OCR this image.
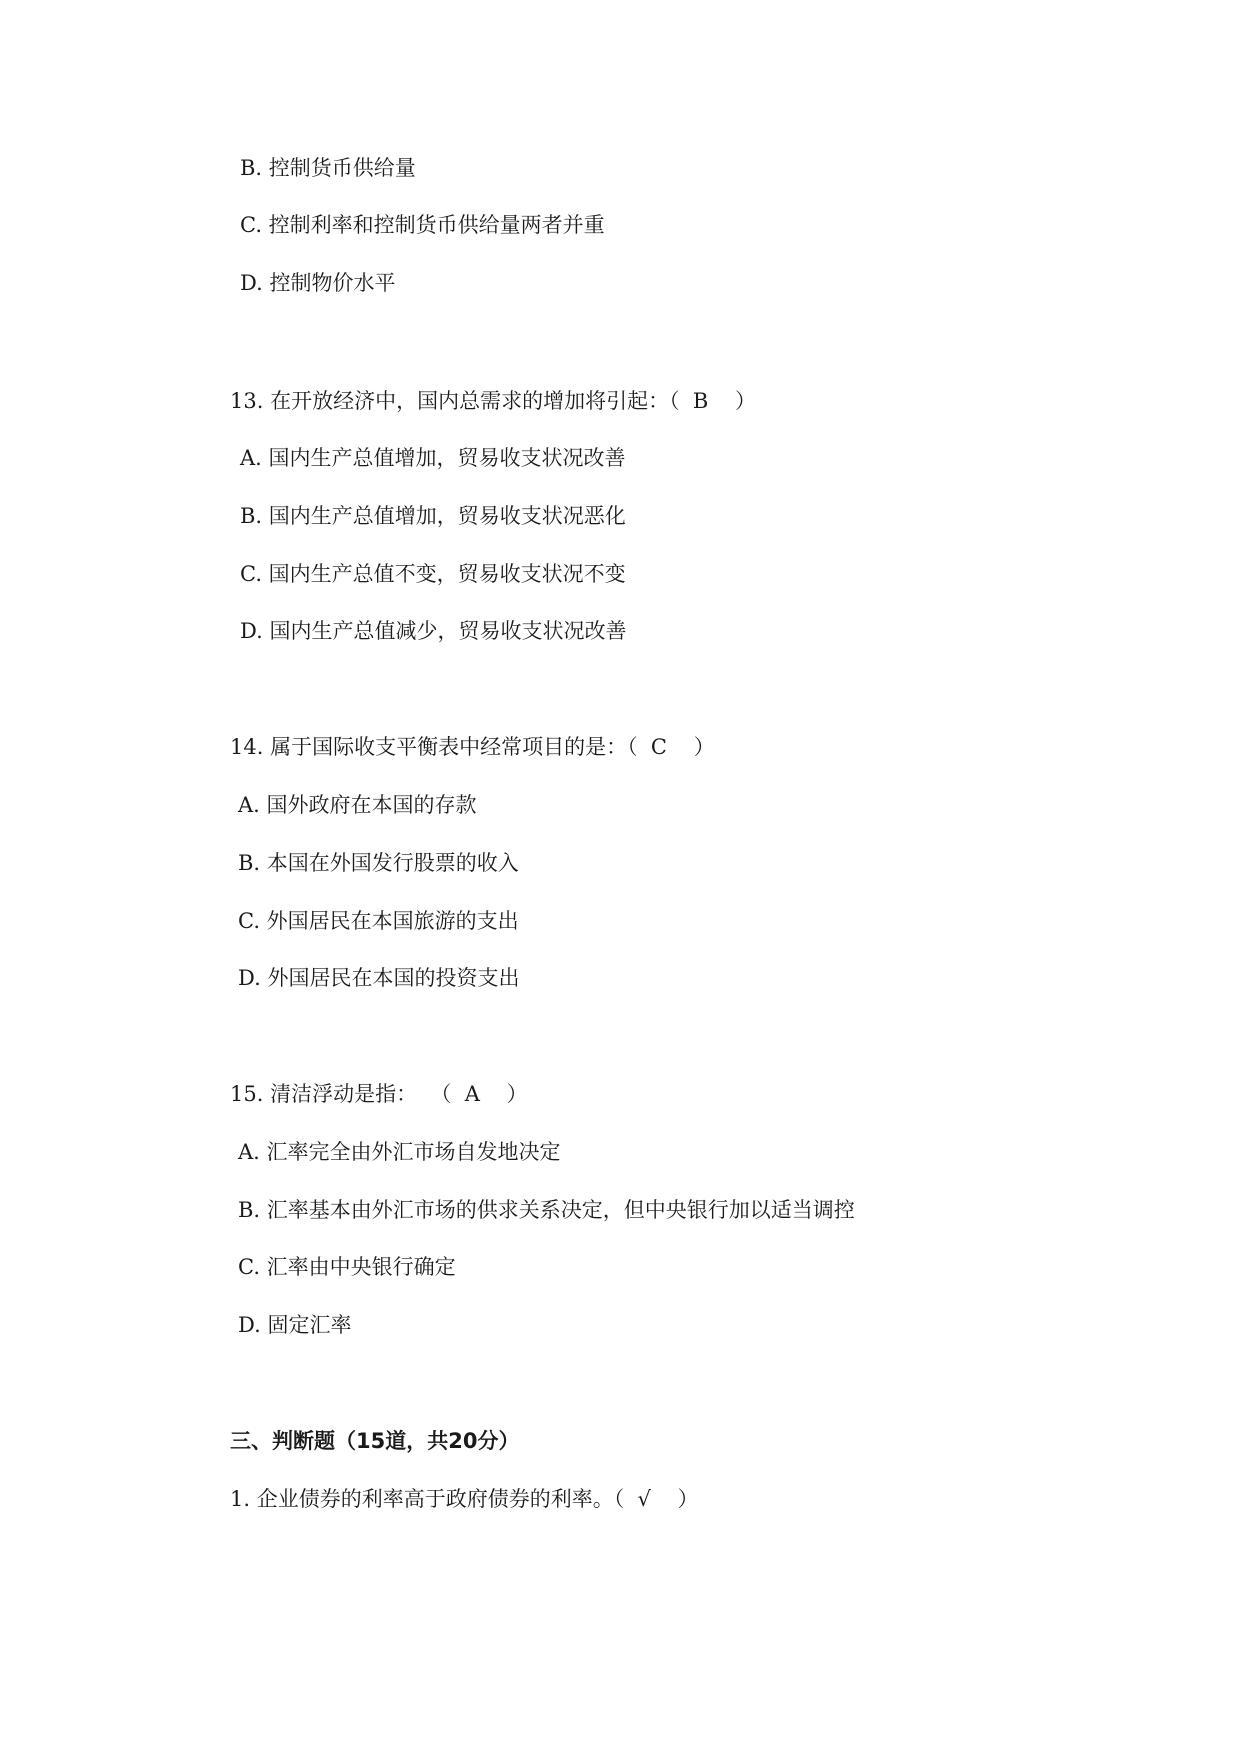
B. 控制货币供给量
C. 控制利率和控制货币供给量两者并重
D. 控制物价水平
13. 在开放经济中，国内总需求的增加将引起：（  B    ）
A. 国内生产总值增加，贸易收支状况改善
B. 国内生产总值增加，贸易收支状况恶化
C. 国内生产总值不变，贸易收支状况不变
D. 国内生产总值减少，贸易收支状况改善
14. 属于国际收支平衡表中经常项目的是：（  C    ）
A. 国外政府在本国的存款
B. 本国在外国发行股票的收入
C. 外国居民在本国旅游的支出
D. 外国居民在本国的投资支出
15. 清洁浮动是指：  （  A    ）
A. 汇率完全由外汇市场自发地决定
B. 汇率基本由外汇市场的供求关系决定，但中央银行加以适当调控
C. 汇率由中央银行确定
D. 固定汇率
三、判断题（15道，共20分）
1. 企业债券的利率高于政府债券的利率。（  √    ）
